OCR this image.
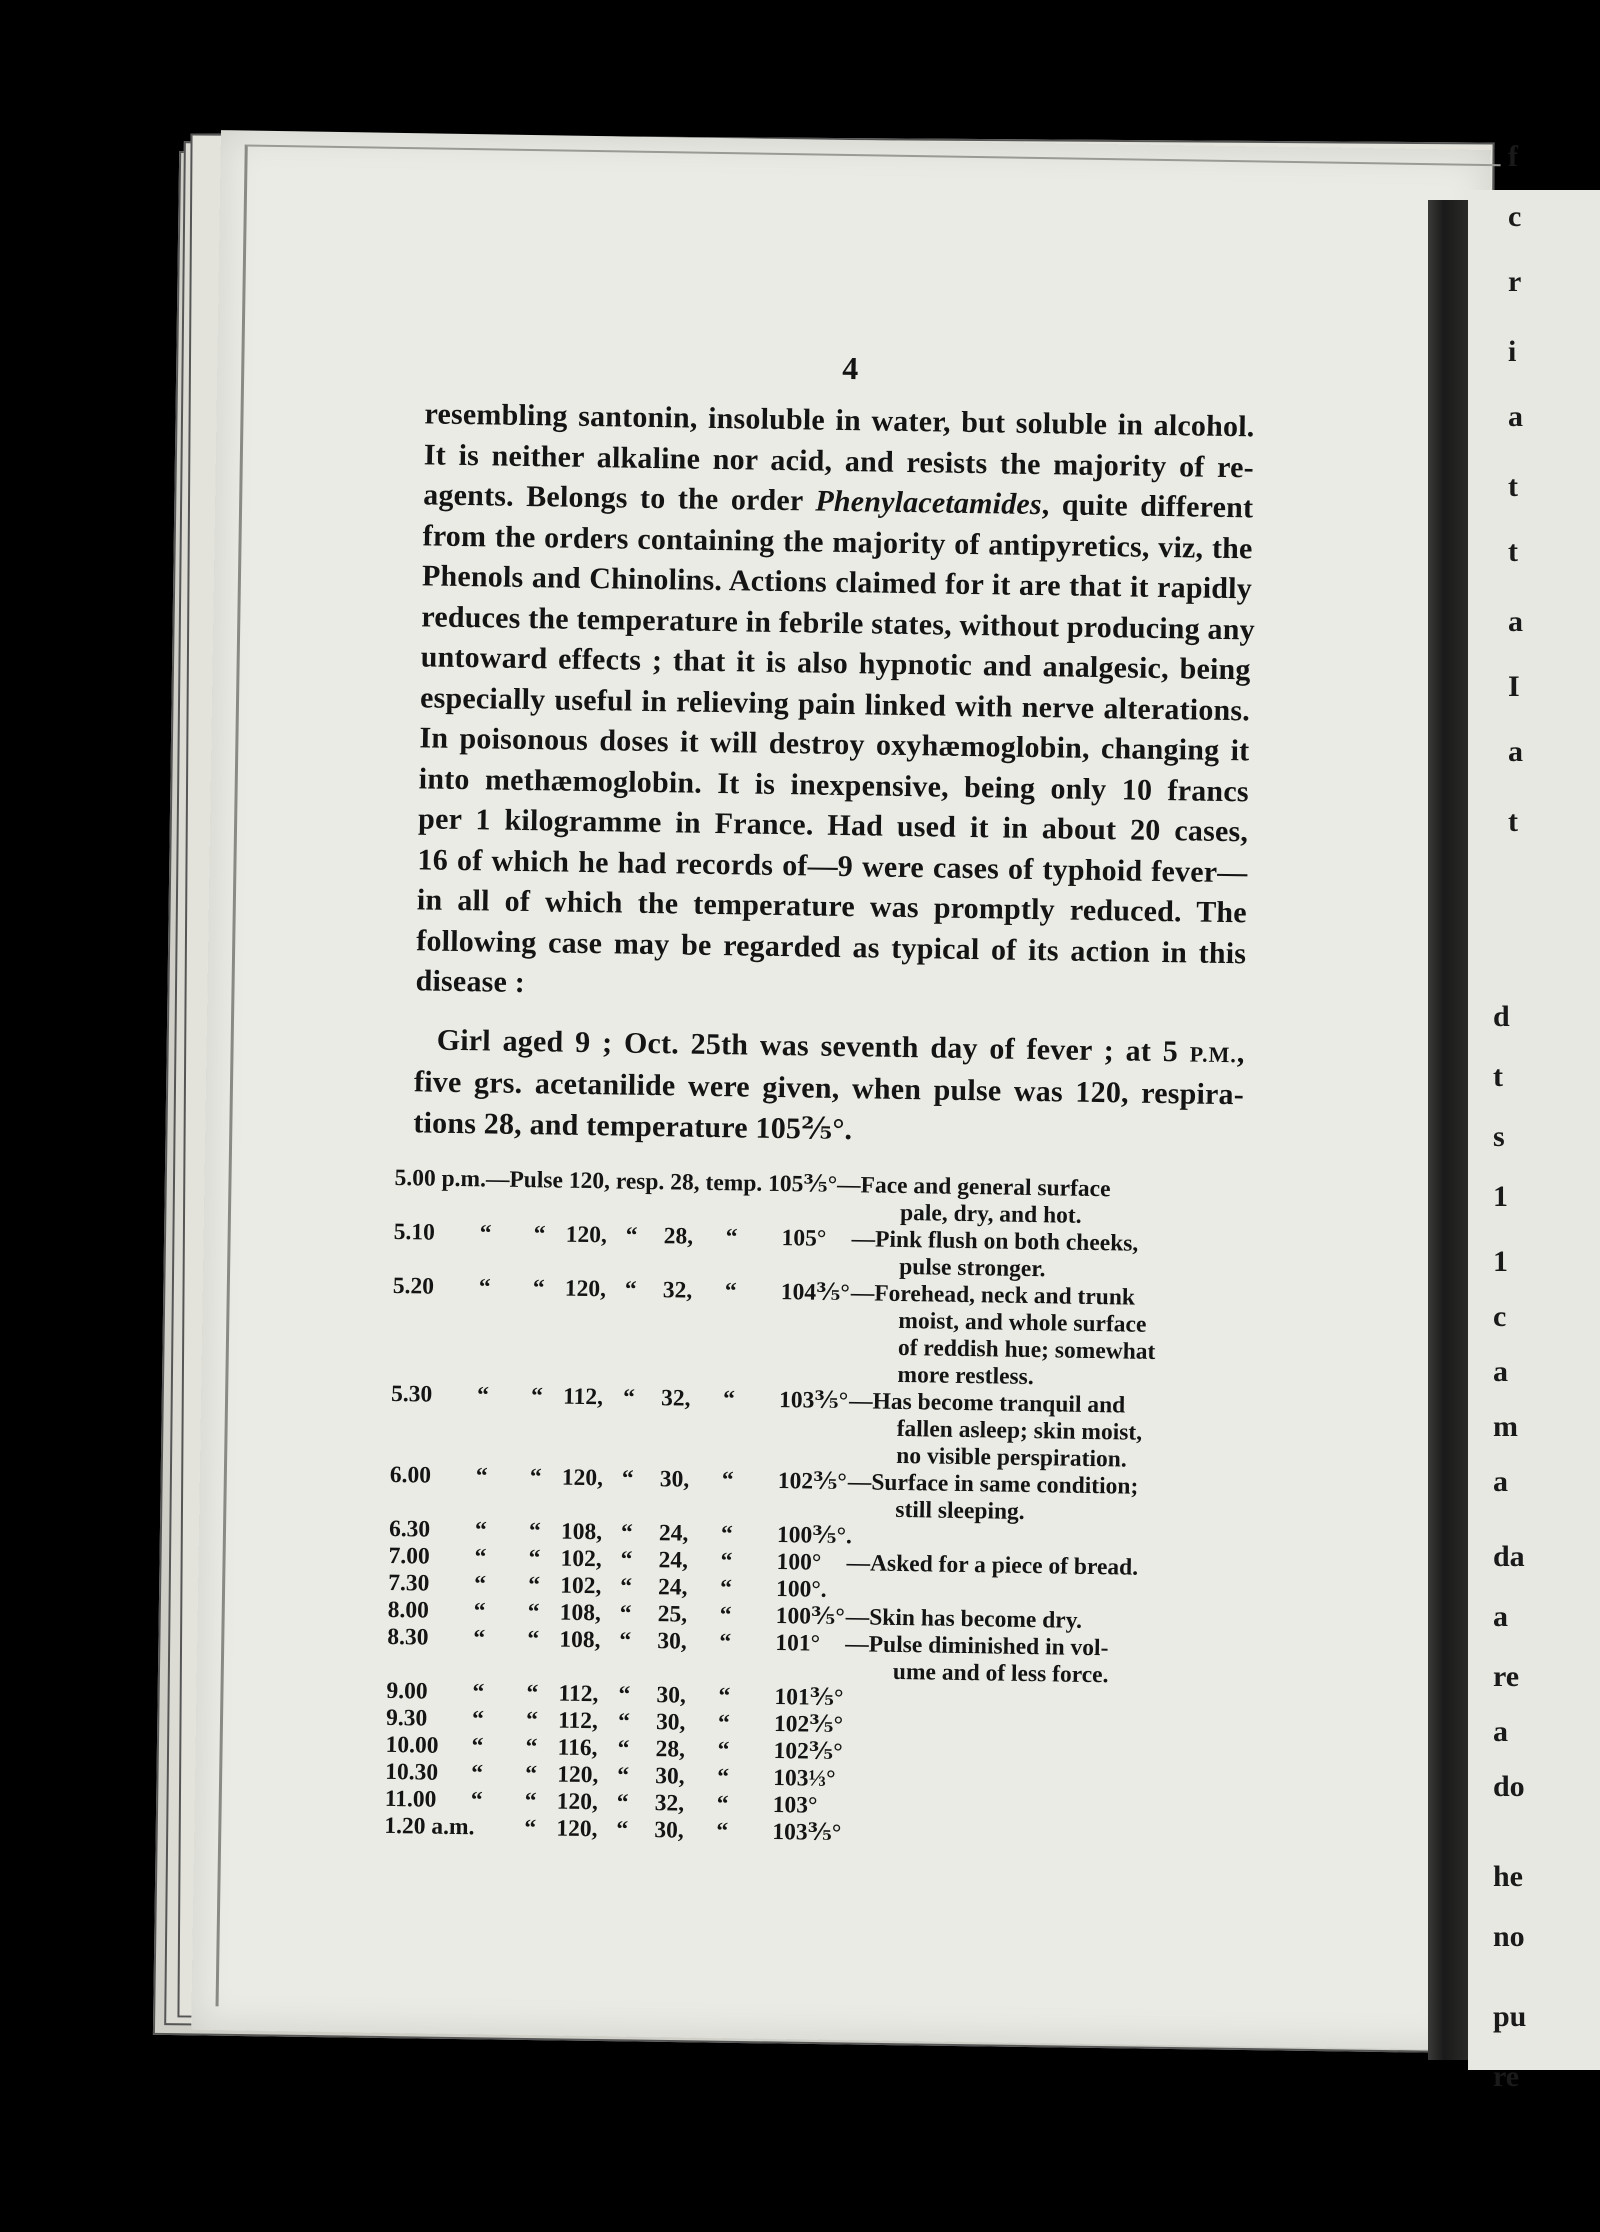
4
resembling santonin, insoluble in water, but soluble in alcohol.
It is neither alkaline nor acid, and resists the majority of re-
agents. Belongs to the order Phenylacetamides, quite different
from the orders containing the majority of antipyretics, viz, the
Phenols and Chinolins. Actions claimed for it are that it rapidly
reduces the temperature in febrile states, without producing any
untoward effects ; that it is also hypnotic and analgesic, being
especially useful in relieving pain linked with nerve alterations.
In poisonous doses it will destroy oxyhæmoglobin, changing it
into methæmoglobin. It is inexpensive, being only 10 francs
per 1 kilogramme in France. Had used it in about 20 cases,
16 of which he had records of—9 were cases of typhoid fever—
in all of which the temperature was promptly reduced. The
following case may be regarded as typical of its action in this
disease :
Girl aged 9 ; Oct. 25th was seventh day of fever ; at 5 P.M.,
five grs. acetanilide were given, when pulse was 120, respira-
tions 28, and temperature 105⅖°.
5.00 p.m.—Pulse 120, resp. 28, temp. 105⅗°—Face and general surface
pale, dry, and hot.
5.10 “ “ 120, “ 28, “ 105° —Pink flush on both cheeks,
pulse stronger.
5.20 “ “ 120, “ 32, “ 104⅗° —Forehead, neck and trunk
moist, and whole surface
of reddish hue; somewhat
more restless.
5.30 “ “ 112, “ 32, “ 103⅗° —Has become tranquil and
fallen asleep; skin moist,
no visible perspiration.
6.00 “ “ 120, “ 30, “ 102⅗° —Surface in same condition;
still sleeping.
6.30 “ “ 108, “ 24, “ 100⅗°.
7.00 “ “ 102, “ 24, “ 100° —Asked for a piece of bread.
7.30 “ “ 102, “ 24, “ 100°.
8.00 “ “ 108, “ 25, “ 100⅗° —Skin has become dry.
8.30 “ “ 108, “ 30, “ 101° —Pulse diminished in vol-
ume and of less force.
9.00 “ “ 112, “ 30, “ 101⅗°
9.30 “ “ 112, “ 30, “ 102⅗°
10.00 “ “ 116, “ 28, “ 102⅗°
10.30 “ “ 120, “ 30, “ 103⅓°
11.00 “ “ 120, “ 32, “ 103°
1.20 a.m. “ 120, “ 30, “ 103⅗°
f
c
r
i
a
t
t
a
I
a
t
d
t
s
1
1
c
a
m
a
da
a
re
a
do
he
no
pu
re
